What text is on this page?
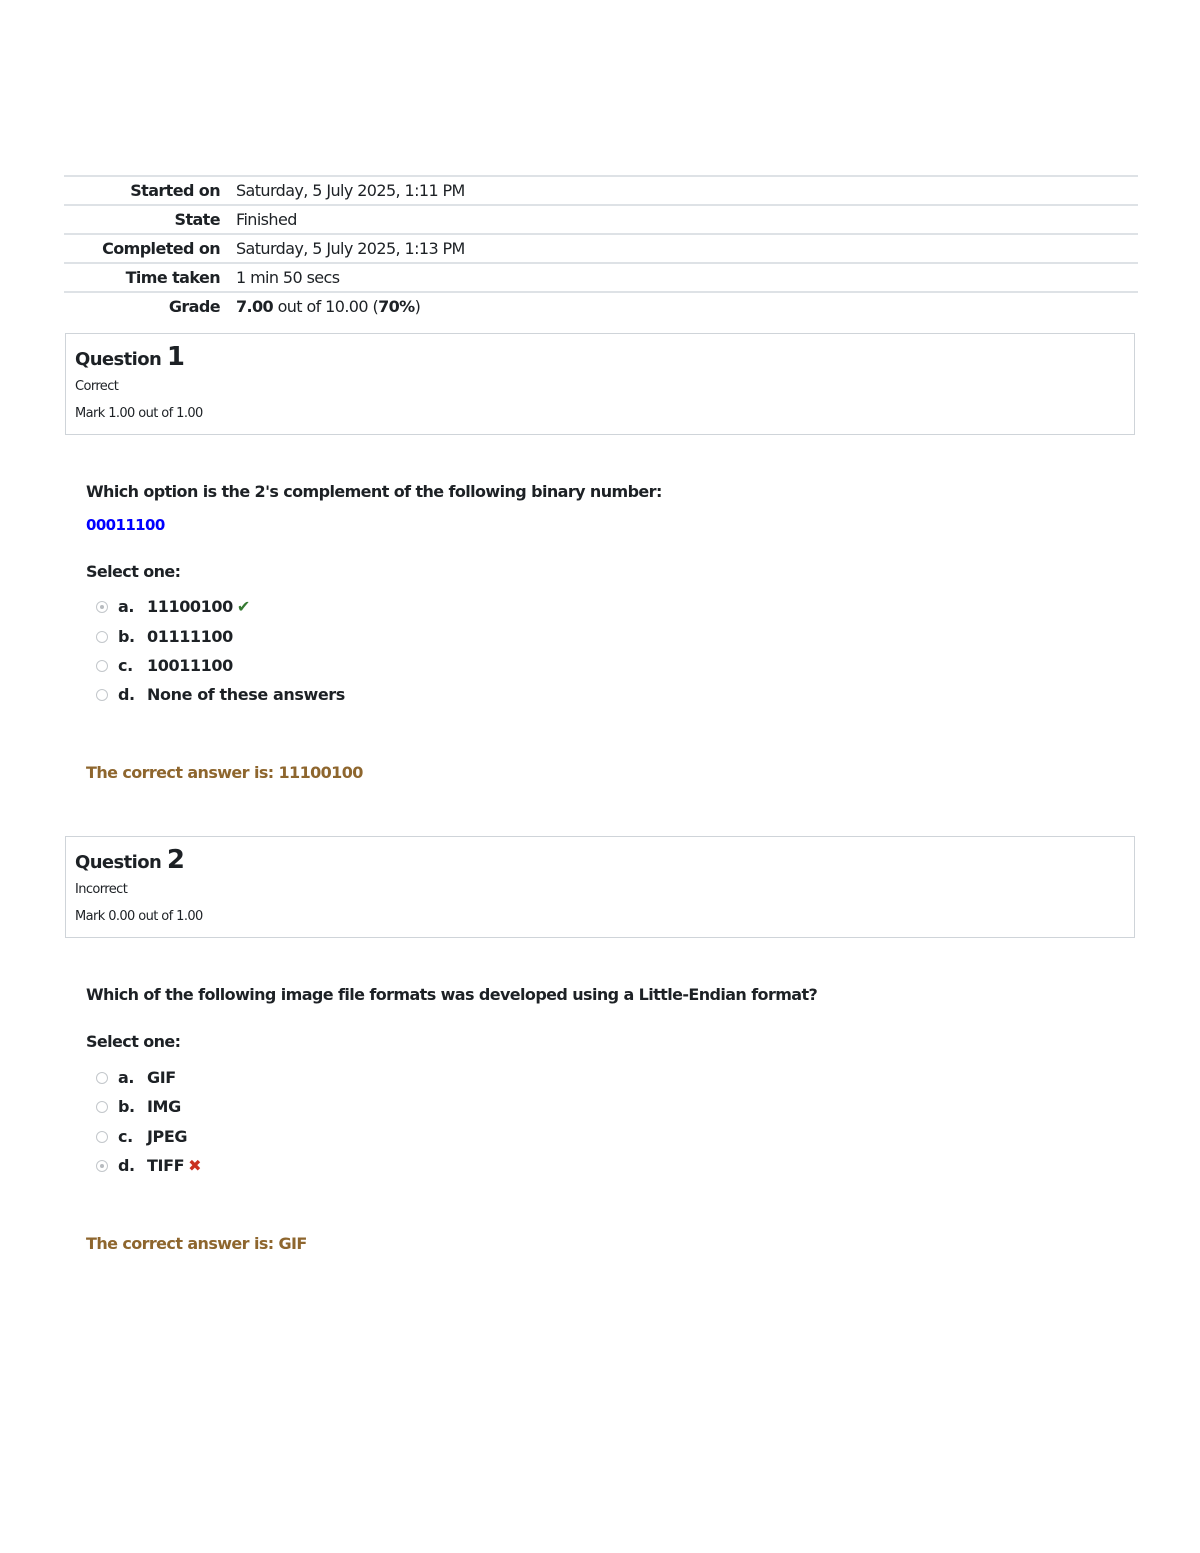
Started on	Saturday, 5 July 2025, 1:11 PM
State	Finished
Completed on	Saturday, 5 July 2025, 1:13 PM
Time taken	1 min 50 secs
Grade	7.00 out of 10.00 (70%)
Question 1
Correct
Mark 1.00 out of 1.00
Which option is the 2's complement of the following binary number:
00011100
Select one:
a. 11100100 ✔
b. 01111100
c. 10011100
d. None of these answers
The correct answer is: 11100100
Question 2
Incorrect
Mark 0.00 out of 1.00
Which of the following image file formats was developed using a Little-Endian format?
Select one:
a. GIF
b. IMG
c. JPEG
d. TIFF ✖
The correct answer is: GIF
